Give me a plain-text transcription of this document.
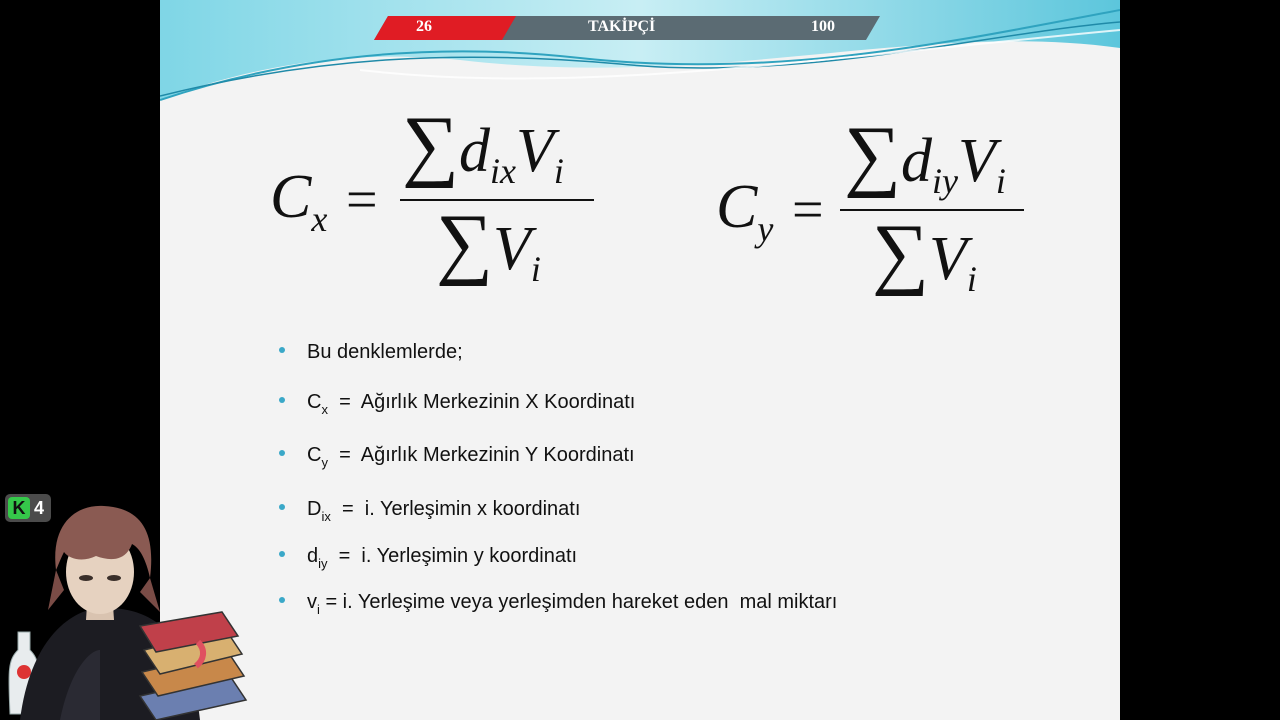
26	TAKİPÇİ	100
$C_x$ =
∑dixVi
∑Vi
$C_y$ =
∑diyVi
∑Vi
Bu denklemlerde;
$C_x$  =  Ağırlık Merkezinin X Koordinatı
$C_y$  =  Ağırlık Merkezinin Y Koordinatı
$D_{ix} = i$. Yerleşimin x koordinatı
$d_{iy} = i$. Yerleşimin y koordinatı
$v_i = i$. Yerleşime veya yerleşimden hareket eden  mal miktarı
K 4
